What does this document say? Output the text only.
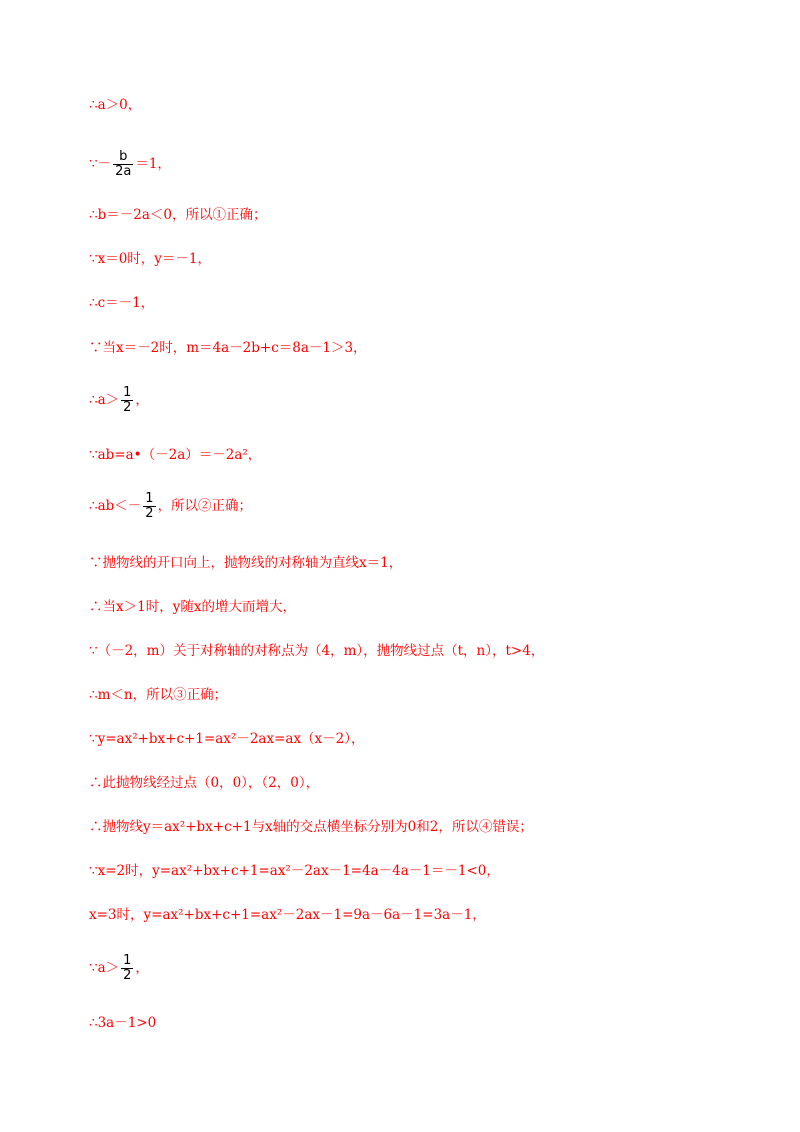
∴a＞0，
∵－ $\frac{b}{2a} =1$，
∴b＝－2a＜0，所以①正确；
∵x＝0时，y＝－1，
∴c＝－1，
∵当x＝－2时，m＝4a－2b+c＝8a－1＞3，
∴a＞ $\frac{1}{2}$ ，
∵ab=a•（－2a）＝－2a²，
∴ab＜－ $\frac{1}{2}$ ，所以②正确；
∵抛物线的开口向上，抛物线的对称轴为直线x＝1，
∴当x＞1时，y随x的增大而增大，
∵（－2，m）关于对称轴的对称点为（4，m），抛物线过点（t，n），t>4，
∴m＜n，所以③正确；
∵y=ax²+bx+c+1=ax²－2ax=ax（x－2），
∴此抛物线经过点（0，0），（2，0），
∴抛物线y＝ax²+bx+c+1与x轴的交点横坐标分别为0和2，所以④错误；
∵x=2时，y=ax²+bx+c+1=ax²－2ax－1=4a－4a－1＝－1<0，
x=3时，y=ax²+bx+c+1=ax²－2ax－1=9a－6a－1=3a－1，
∵a＞ $\frac{1}{2}$ ，
∴3a－1>0
